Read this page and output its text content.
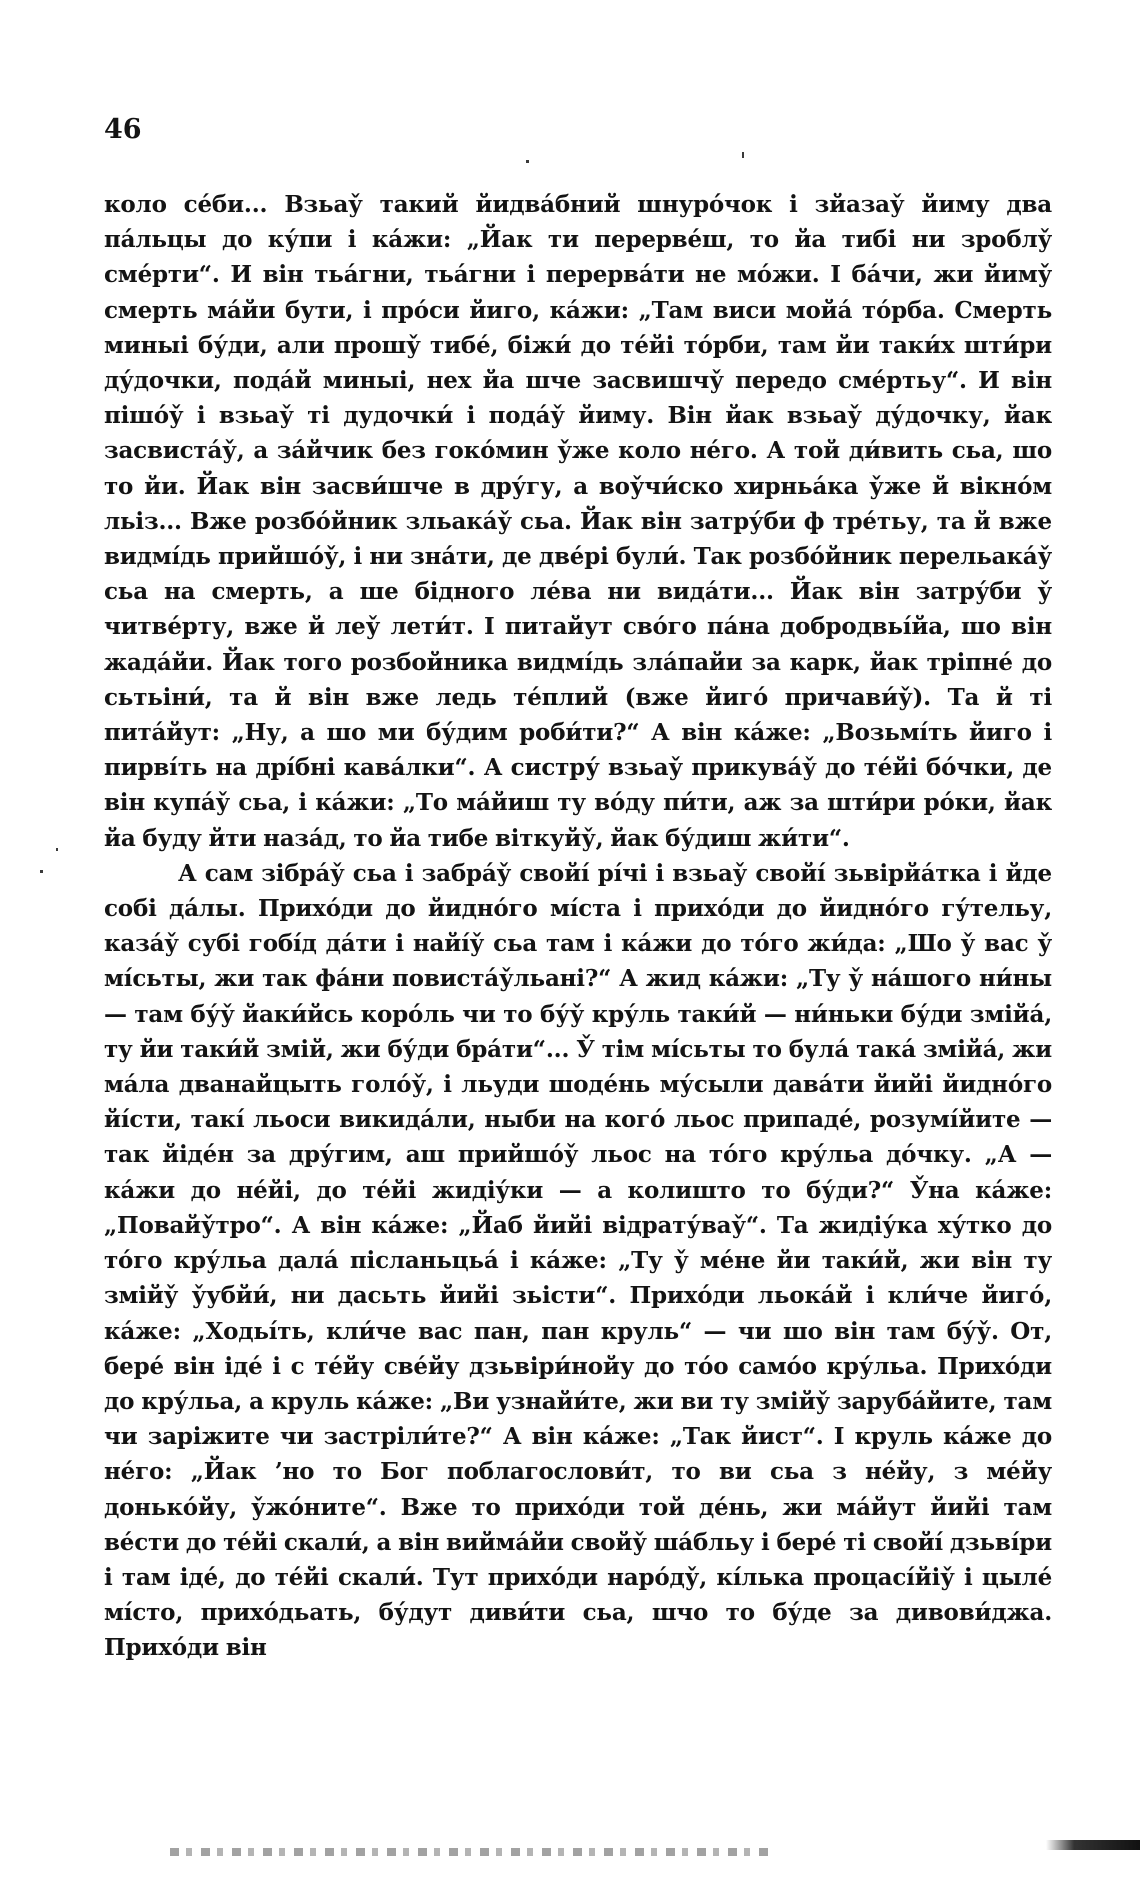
46

коло се́би... Взьау̌ такий йидва́бний шнуро́чок і зйазау̌ йиму два па́льцы до ку́пи і ка́жи: „Йак ти перерве́ш, то йа тибі ни зроблу̌ сме́рти“. И він тьа́гни, тьа́гни і перерва́ти не мо́жи. І ба́чи, жи йиму̌ смерть ма́йи бути, і про́си йиго, ка́жи: „Там виси мойа́ то́рба. Смерть миныі бу́ди, али прошу̌ тибе́, біжи́ до те́йі то́рби, там йи таки́х шти́ри ду́дочки, пода́й миныі, нех йа шче засвишчу̌ передо сме́ртьу“. И він пішо́у̌ і взьау̌ ті дудочки́ і пода́у̌ йиму. Він йак взьау̌ ду́дочку, йак засвиста́у̌, а за́йчик без гоко́мин у̌же коло не́го. А той ди́вить сьа, шо то йи. Йак він засви́шче в дру́гу, а воу̌чи́ско хирньа́ка у̌же й вікно́м льіз... Вже розбо́йник зльака́у̌ сьа. Йак він затру́би ф тре́тьу, та й вже видмі́дь прийшо́у̌, і ни зна́ти, де две́рі були́. Так розбо́йник перельака́у̌ сьа на смерть, а ше бідного ле́ва ни вида́ти... Йак він затру́би у̌ читве́рту, вже й леу̌ лети́т. І питайут сво́го па́на добродвьі́йа, шо він жада́йи. Йак того розбойника видмі́дь зла́пайи за карк, йак тріпне́ до сьтьіни́, та й він вже ледь те́плий (вже йиго́ причави́у̌). Та й ті пита́йут: „Ну, а шо ми бу́дим роби́ти?“ А він ка́же: „Возьмі́ть йиго і пирві́ть на дрі́бні кава́лки“. А систру́ взьау̌ прикува́у̌ до те́йі бо́чки, де він купа́у̌ сьа, і ка́жи: „То ма́йиш ту во́ду пи́ти, аж за шти́ри ро́ки, йак йа буду йти наза́д, то йа тибе віткуйу̌, йак бу́диш жи́ти“.

А сам зібра́у̌ сьа і забра́у̌ свойі́ рі́чі і взьау̌ свойі́ зьвірйа́тка і йде собі да́лы. Прихо́ди до йидно́го мі́ста і прихо́ди до йидно́го гу́тельу, каза́у̌ субі гобі́д да́ти і найі́у̌ сьа там і ка́жи до то́го жи́да: „Шо у̌ вас у̌ мі́сьты, жи так фа́ни повиста́у̌льані?“ А жид ка́жи: „Ту у̌ на́шого ни́ны — там бу́у̌ йаки́йсь коро́ль чи то бу́у̌ кру́ль таки́й — ни́ньки бу́ди змійа́, ту йи таки́й змій, жи бу́ди бра́ти“... У̌ тім мі́сьты то була́ така́ змійа́, жи ма́ла дванайцыть голо́у̌, і льуди шоде́нь му́сыли дава́ти йийі йидно́го йі́сти, такі́ льоси викида́ли, ныби на кого́ льос припаде́, розумі́йите — так йіде́н за дру́гим, аш прийшо́у̌ льос на то́го кру́льа до́чку. „А — ка́жи до не́йі, до те́йі жидіу́ки — а колишто то бу́ди?“ У̌на ка́же: „Повайу̌тро“. А він ка́же: „Йаб йийі відрату́вау̌“. Та жидіу́ка ху́тко до то́го кру́льа дала́ післаньцьа́ і ка́же: „Ту у̌ ме́не йи таки́й, жи він ту змійу̌ у̌убйи́, ни дасьть йийі зьісти“. Прихо́ди льока́й і кли́че йиго́, ка́же: „Ходьі́ть, кли́че вас пан, пан круль“ — чи шо він там бу́у̌. От, бере́ він іде́ і с те́йу све́йу дзьвіри́нойу до то́о само́о кру́льа. Прихо́ди до кру́льа, а круль ка́же: „Ви узнайи́те, жи ви ту змійу̌ заруба́йите, там чи заріжите чи застріли́те?“ А він ка́же: „Так йист“. І круль ка́же до не́го: „Йак ’но то Бог поблагослови́т, то ви сьа з не́йу, з ме́йу донько́йу, у̌жо́ните“. Вже то прихо́ди той де́нь, жи ма́йут йийі там ве́сти до те́йі скали́, а він вийма́йи свойу̌ ша́бльу і бере́ ті свойі́ дзьві́ри і там іде́, до те́йі скали́. Тут прихо́ди наро́ду̌, кі́лька процасі́йіу̌ і цыле́ мі́сто, прихо́дьать, бу́дут диви́ти сьа, шчо то бу́де за дивови́джа. Прихо́ди він
